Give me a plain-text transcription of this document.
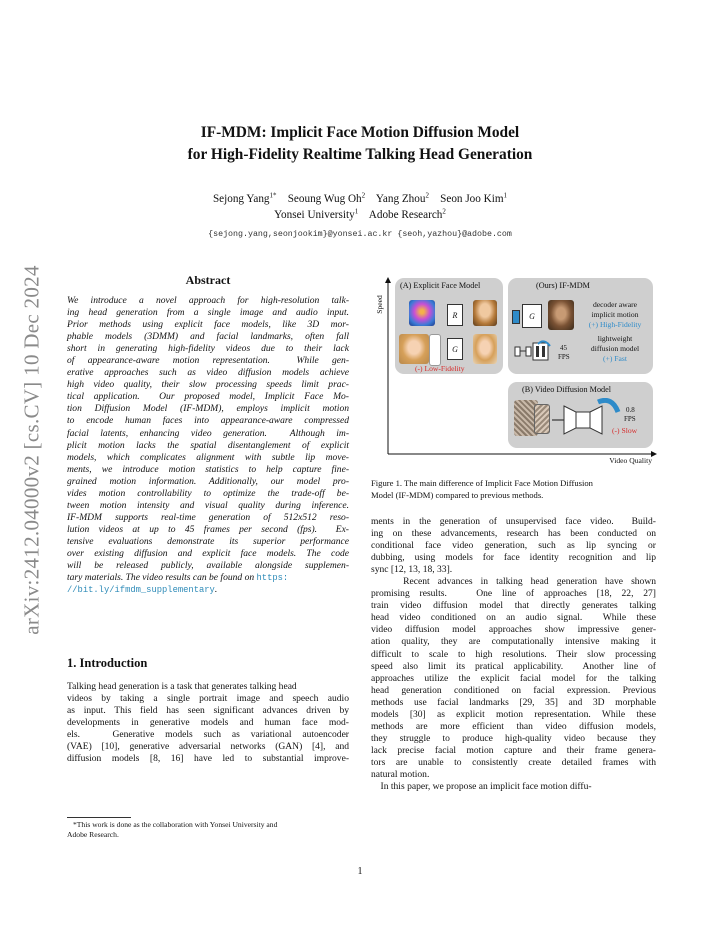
arXiv:2412.04000v2 [cs.CV] 10 Dec 2024
IF-MDM: Implicit Face Motion Diffusion Model
for High-Fidelity Realtime Talking Head Generation
Sejong Yang$^{1*}$ Seoung Wug Oh$^2$ Yang Zhou$^2$ Seon Joo Kim$^1$
Yonsei University$^1$ Adobe Research$^2$
{sejong.yang,seonjookim}@yonsei.ac.kr {seoh,yazhou}@adobe.com
Abstract
We introduce a novel approach for high-resolution talk-
ing head generation from a single image and audio input.
Prior methods using explicit face models, like 3D mor-
phable models (3DMM) and facial landmarks, often fall
short in generating high-fidelity videos due to their lack
of appearance-aware motion representation.  While gen-
erative approaches such as video diffusion models achieve
high video quality, their slow processing speeds limit prac-
tical application.  Our proposed model, Implicit Face Mo-
tion Diffusion Model (IF-MDM), employs implicit motion
to encode human faces into appearance-aware compressed
facial latents, enhancing video generation.  Although im-
plicit motion lacks the spatial disentanglement of explicit
models, which complicates alignment with subtle lip move-
ments, we introduce motion statistics to help capture fine-
grained motion information. Additionally, our model pro-
vides motion controllability to optimize the trade-off be-
tween motion intensity and visual quality during inference.
IF-MDM supports real-time generation of 512x512 reso-
lution videos at up to 45 frames per second (fps).  Ex-
tensive evaluations demonstrate its superior performance
over existing diffusion and explicit face models. The code
will be released publicly, available alongside supplemen-
tary materials. The video results can be found on https:
//bit.ly/ifmdm_supplementary.
1. Introduction
Talking head generation is a task that generates talking head
videos by taking a single portrait image and speech audio
as input. This field has seen significant advances driven by
developments in generative models and human face mod-
els.   Generative models such as variational autoencoder
(VAE) [10], generative adversarial networks (GAN) [4], and
diffusion models [8, 16] have led to substantial improve-
*This work is done as the collaboration with Yonsei University and
Adobe Research.
Speed
Video Quality
(A) Explicit Face Model
R
G
(-) Low-Fidelity
(Ours) IF-MDM
G
decoder aware
implicit motion
(+) High-Fidelity
45
FPS
lightweight
diffusion model
(+) Fast
(B) Video Diffusion Model
0.8
FPS
(-) Slow
Figure 1. The main difference of Implicit Face Motion Diffusion
Model (IF-MDM) compared to previous methods.
ments in the generation of unsupervised face video.  Build-
ing on these advancements, research has been conducted on
conditional face video generation, such as lip syncing or
dubbing, using models for face identity recognition and lip
sync [12, 13, 18, 33].
Recent advances in talking head generation have shown
promising results.   One line of approaches [18, 22, 27]
train video diffusion model that directly generates talking
head video conditioned on an audio signal.  While these
video diffusion model approaches show impressive gener-
ation quality, they are computationally intensive making it
difficult to scale to high resolutions. Their slow processing
speed also limit its pratical applicability.  Another line of
approaches utilize the explicit facial model for the talking
head generation conditioned on facial expression. Previous
methods use facial landmarks [29, 35] and 3D morphable
models [30] as explicit motion representation. While these
methods are more efficient than video diffusion models,
they struggle to produce high-quality video because they
lack precise facial motion capture and their frame genera-
tors are unable to consistently create detailed frames with
natural motion.
In this paper, we propose an implicit face motion diffu-
1
